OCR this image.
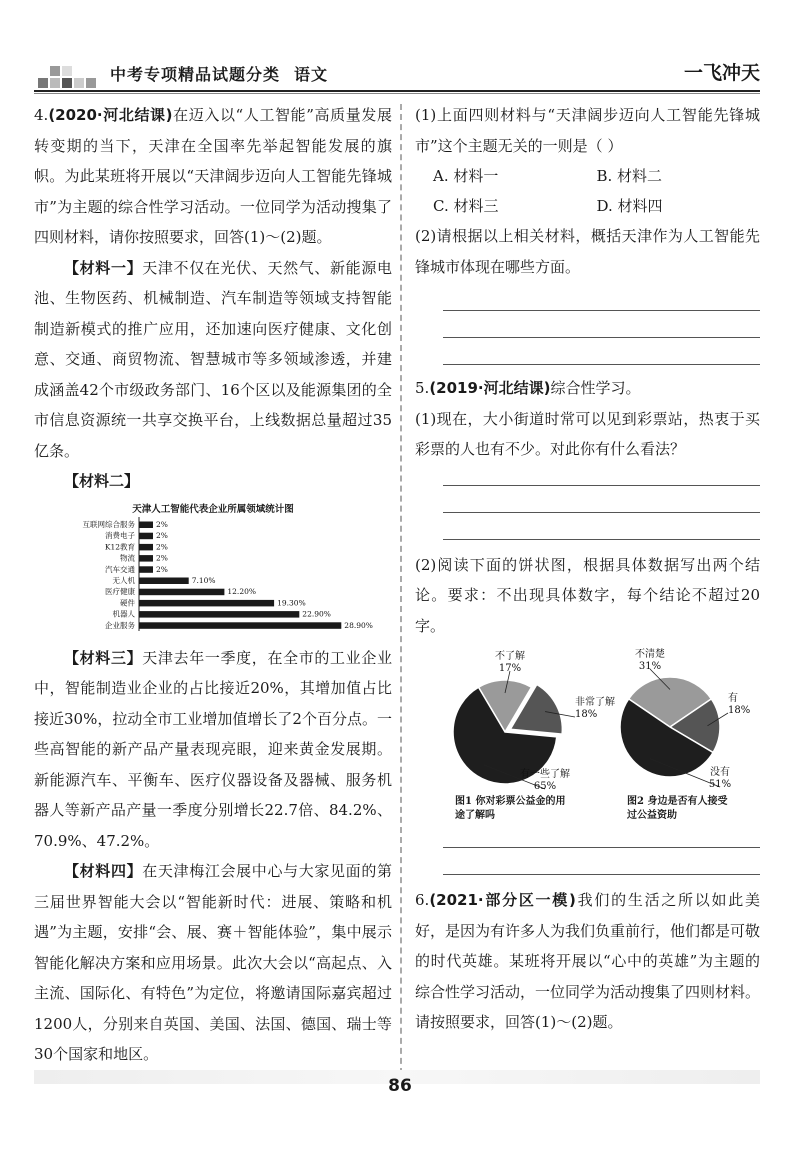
中考专项精品试题分类 语文	一飞冲天

4.(2020·河北结课)在迈入以“人工智能”高质量发展转变期的当下，天津在全国率先举起智能发展的旗帜。为此某班将开展以“天津阔步迈向人工智能先锋城市”为主题的综合性学习活动。一位同学为活动搜集了四则材料，请你按照要求，回答(1)～(2)题。

【材料一】天津不仅在光伏、天然气、新能源电池、生物医药、机械制造、汽车制造等领域支持智能制造新模式的推广应用，还加速向医疗健康、文化创意、交通、商贸物流、智慧城市等多领域渗透，并建成涵盖42个市级政务部门、16个区以及能源集团的全市信息资源统一共享交换平台，上线数据总量超过35亿条。

【材料二】

天津人工智能代表企业所属领域统计图
互联网综合服务	2%
消费电子	2%
K12教育	2%
物流	2%
汽车交通	2%
无人机	7.10%
医疗健康	12.20%
硬件	19.30%
机器人	22.90%
企业服务	28.90%

【材料三】天津去年一季度，在全市的工业企业中，智能制造业企业的占比接近20%，其增加值占比接近30%，拉动全市工业增加值增长了2个百分点。一些高智能的新产品产量表现亮眼，迎来黄金发展期。新能源汽车、平衡车、医疗仪器设备及器械、服务机器人等新产品产量一季度分别增长22.7倍、84.2%、70.9%、47.2%。

【材料四】在天津梅江会展中心与大家见面的第三届世界智能大会以“智能新时代：进展、策略和机遇”为主题，安排“会、展、赛＋智能体验”，集中展示智能化解决方案和应用场景。此次大会以“高起点、入主流、国际化、有特色”为定位，将邀请国际嘉宾超过1200人，分别来自英国、美国、法国、德国、瑞士等30个国家和地区。

(1)上面四则材料与“天津阔步迈向人工智能先锋城市”这个主题无关的一则是（ ）

A. 材料一	B. 材料二
C. 材料三	D. 材料四

(2)请根据以上相关材料，概括天津作为人工智能先锋城市体现在哪些方面。

5.(2019·河北结课)综合性学习。

(1)现在，大小街道时常可以见到彩票站，热衷于买彩票的人也有不少。对此你有什么看法？

(2)阅读下面的饼状图，根据具体数据写出两个结论。要求：不出现具体数字，每个结论不超过20字。

不了解
17%
非常了解
18%
有一些了解
65%
图1 你对彩票公益金的用途了解吗
不清楚
31%
有
18%
没有
51%
图2 身边是否有人接受过公益资助

6.(2021·部分区一模)我们的生活之所以如此美好，是因为有许多人为我们负重前行，他们都是可敬的时代英雄。某班将开展以“心中的英雄”为主题的综合性学习活动，一位同学为活动搜集了四则材料。请按照要求，回答(1)～(2)题。

86
